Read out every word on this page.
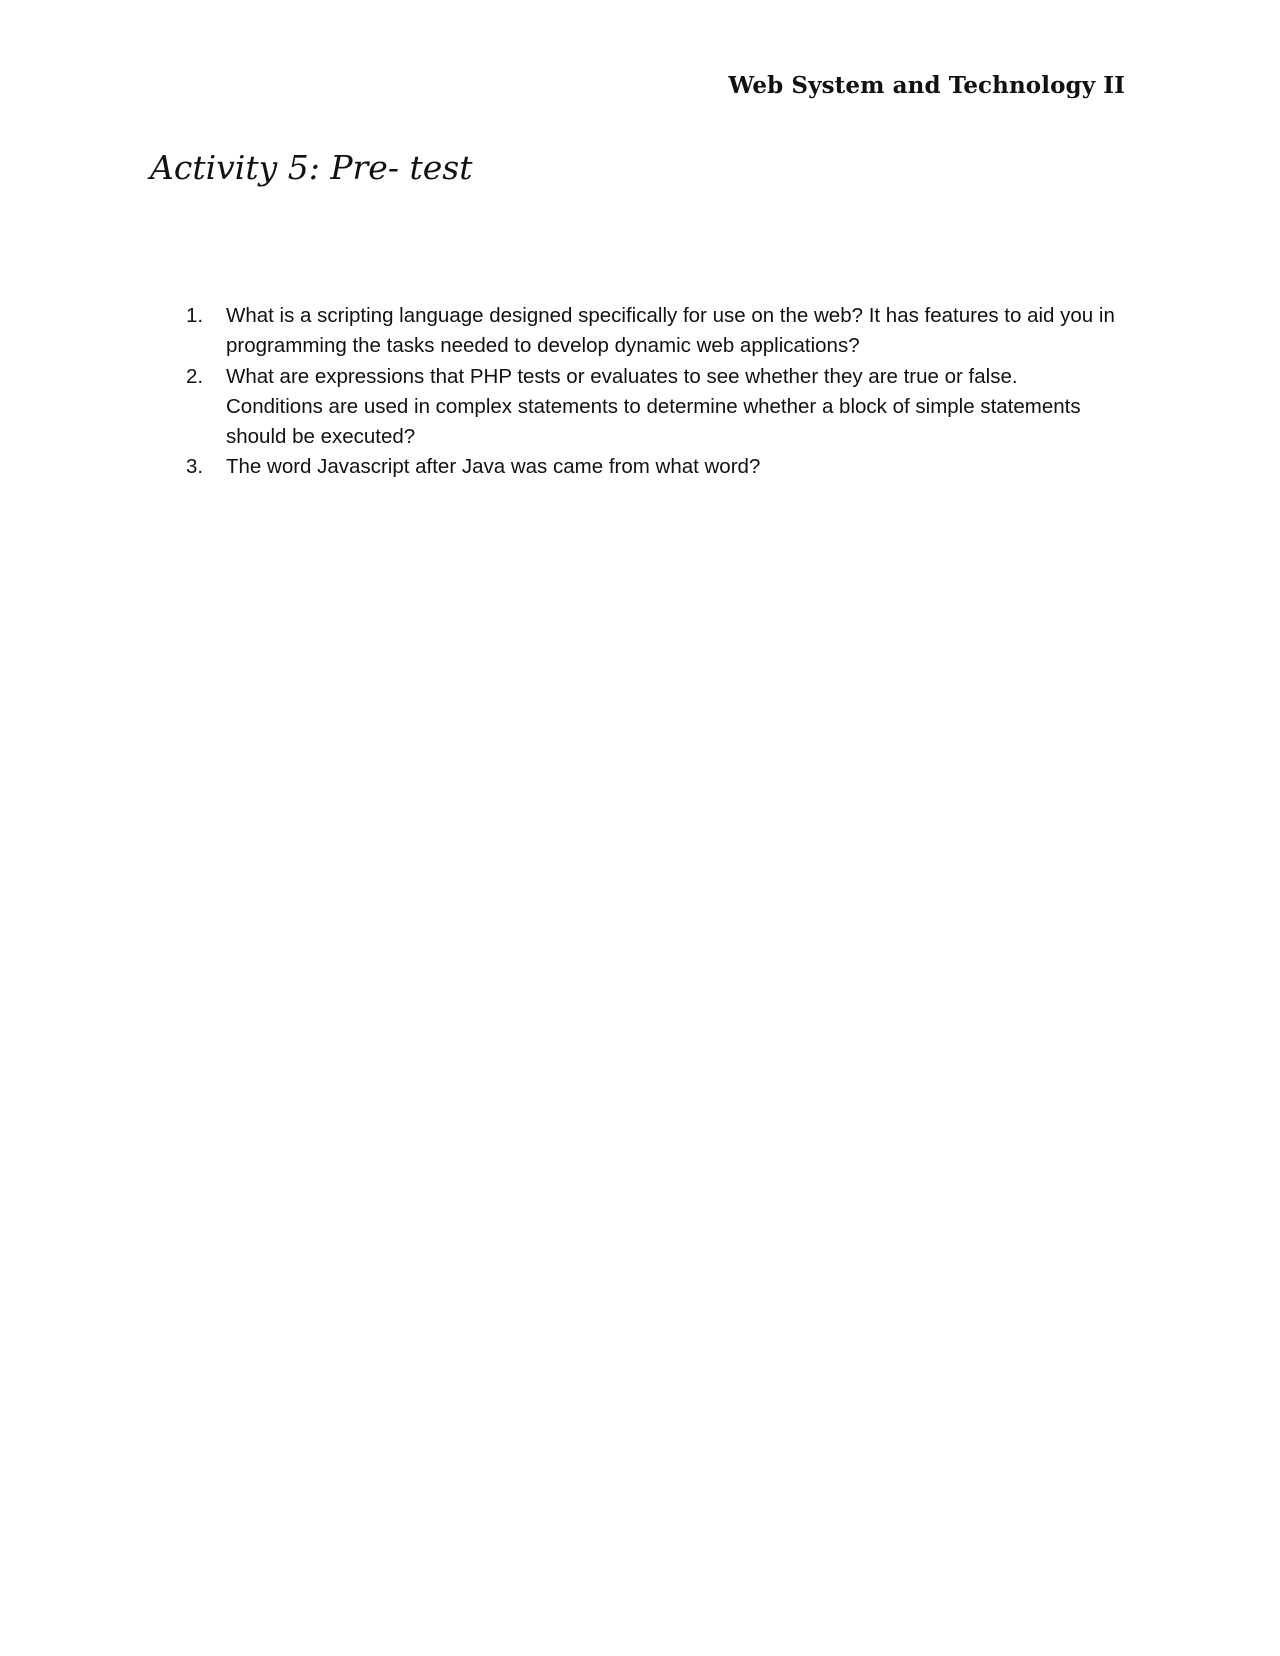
Web System and Technology II
Activity 5: Pre- test
1. What is a scripting language designed specifically for use on the web? It has features to aid you in programming the tasks needed to develop dynamic web applications?
2. What are expressions that PHP tests or evaluates to see whether they are true or false. Conditions are used in complex statements to determine whether a block of simple statements should be executed?
3. The word Javascript after Java was came from what word?
